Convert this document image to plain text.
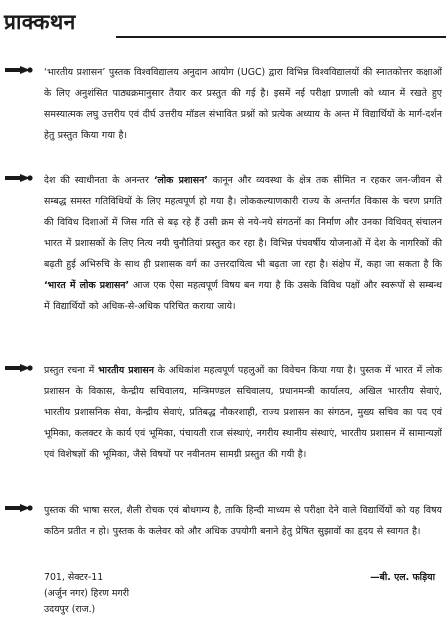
प्राक्कथन
‘भारतीय प्रशासन’ पुस्तक विश्वविद्यालय अनुदान आयोग (UGC) द्वारा विभिन्न विश्वविद्यालयों की स्नातकोत्तर कक्षाओं के लिए अनुशंसित पाठ्यक्रमानुसार तैयार कर प्रस्तुत की गई है। इसमें नई परीक्षा प्रणाली को ध्यान में रखते हुए समस्यात्मक लघु उत्तरीय एवं दीर्घ उत्तरीय मॉडल संभावित प्रश्नों को प्रत्येक अध्याय के अन्त में विद्यार्थियों के मार्ग-दर्शन हेतु प्रस्तुत किया गया है।
देश की स्वाधीनता के अनन्तर ‘लोक प्रशासन’ कानून और व्यवस्था के क्षेत्र तक सीमित न रहकर जन-जीवन से सम्बद्ध समस्त गतिविधियों के लिए महत्वपूर्ण हो गया है। लोककल्याणकारी राज्य के अन्तर्गत विकास के चरण प्रगति की विविध दिशाओं में जिस गति से बढ़ रहे हैं उसी क्रम से नये-नये संगठनों का निर्माण और उनका विधिवत् संचालन भारत में प्रशासकों के लिए नित्य नयी चुनौतियां प्रस्तुत कर रहा है। विभिन्न पंचवर्षीय योजनाओं में देश के नागरिकों की बढ़ती हुई अभिरुचि के साथ ही प्रशासक वर्ग का उत्तरदायित्व भी बढ़ता जा रहा है। संक्षेप में, कहा जा सकता है कि ‘भारत में लोक प्रशासन’ आज एक ऐसा महत्वपूर्ण विषय बन गया है कि उसके विविध पक्षों और स्वरूपों से सम्बन्ध में विद्यार्थियों को अधिक-से-अधिक परिचित कराया जाये।
प्रस्तुत रचना में भारतीय प्रशासन के अधिकांश महत्वपूर्ण पहलुओं का विवेचन किया गया है। पुस्तक में भारत में लोक प्रशासन के विकास, केन्द्रीय सचिवालय, मन्त्रिमण्डल सचिवालय, प्रधानमन्त्री कार्यालय, अखिल भारतीय सेवाएं, भारतीय प्रशासनिक सेवा, केन्द्रीय सेवाएं, प्रतिबद्ध नौकरशाही, राज्य प्रशासन का संगठन, मुख्य सचिव का पद एवं भूमिका, कलक्टर के कार्य एवं भूमिका, पंचायती राज संस्थाएं, नगरीय स्थानीय संस्थाएं, भारतीय प्रशासन में सामान्यज्ञों एवं विशेषज्ञों की भूमिका, जैसे विषयों पर नवीनतम सामग्री प्रस्तुत की गयी है।
पुस्तक की भाषा सरल, शैली रोचक एवं बोधगम्य है, ताकि हिन्दी माध्यम से परीक्षा देने वाले विद्यार्थियों को यह विषय कठिन प्रतीत न हो। पुस्तक के कलेवर को और अधिक उपयोगी बनाने हेतु प्रेषित सुझावों का हृदय से स्वागत है।
701, सेक्टर-11
(अर्जुन नगर) हिरण मगरी
उदयपुर (राज.)
—बी. एल. फड़िया
